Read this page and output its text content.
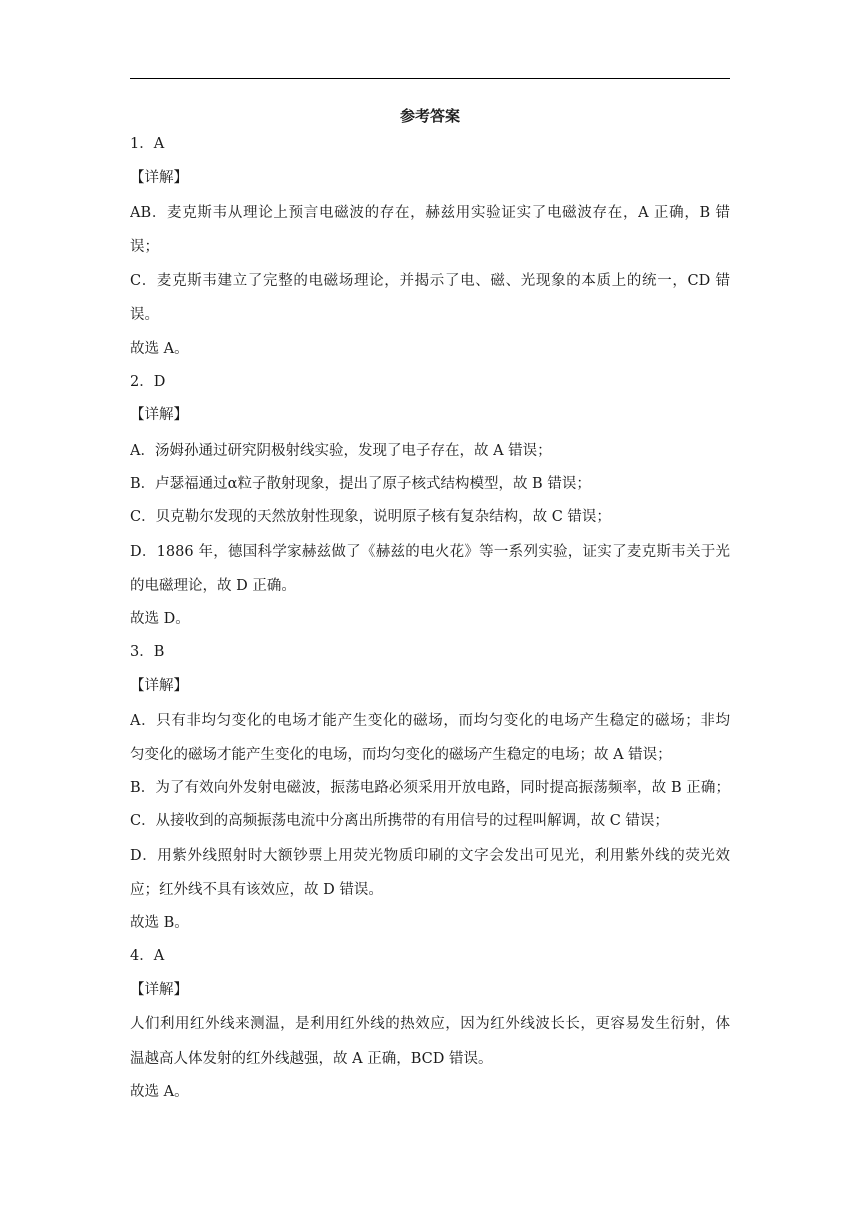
参考答案
1．A
【详解】
AB．麦克斯韦从理论上预言电磁波的存在，赫兹用实验证实了电磁波存在，A 正确，B 错
误；
C．麦克斯韦建立了完整的电磁场理论，并揭示了电、磁、光现象的本质上的统一，CD 错
误。
故选 A。
2．D
【详解】
A．汤姆孙通过研究阴极射线实验，发现了电子存在，故 A 错误；
B．卢瑟福通过α粒子散射现象，提出了原子核式结构模型，故 B 错误；
C．贝克勒尔发现的天然放射性现象，说明原子核有复杂结构，故 C 错误；
D．1886 年，德国科学家赫兹做了《赫兹的电火花》等一系列实验，证实了麦克斯韦关于光
的电磁理论，故 D 正确。
故选 D。
3．B
【详解】
A．只有非均匀变化的电场才能产生变化的磁场，而均匀变化的电场产生稳定的磁场；非均
匀变化的磁场才能产生变化的电场，而均匀变化的磁场产生稳定的电场；故 A 错误；
B．为了有效向外发射电磁波，振荡电路必须采用开放电路，同时提高振荡频率，故 B 正确；
C．从接收到的高频振荡电流中分离出所携带的有用信号的过程叫解调，故 C 错误；
D．用紫外线照射时大额钞票上用荧光物质印刷的文字会发出可见光，利用紫外线的荧光效
应；红外线不具有该效应，故 D 错误。
故选 B。
4．A
【详解】
人们利用红外线来测温，是利用红外线的热效应，因为红外线波长长，更容易发生衍射，体
温越高人体发射的红外线越强，故 A 正确，BCD 错误。
故选 A。
